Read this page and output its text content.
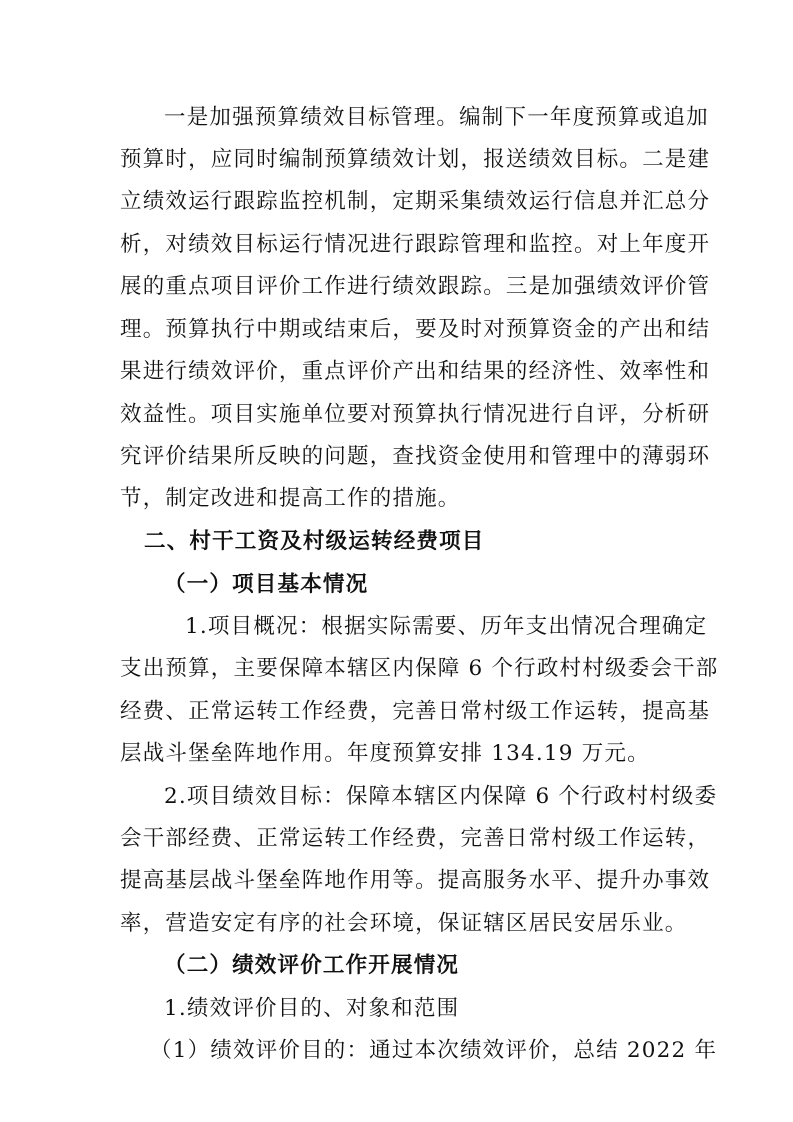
一是加强预算绩效目标管理。编制下一年度预算或追加
预算时，应同时编制预算绩效计划，报送绩效目标。二是建
立绩效运行跟踪监控机制，定期采集绩效运行信息并汇总分
析，对绩效目标运行情况进行跟踪管理和监控。对上年度开
展的重点项目评价工作进行绩效跟踪。三是加强绩效评价管
理。预算执行中期或结束后，要及时对预算资金的产出和结
果进行绩效评价，重点评价产出和结果的经济性、效率性和
效益性。项目实施单位要对预算执行情况进行自评，分析研
究评价结果所反映的问题，查找资金使用和管理中的薄弱环
节，制定改进和提高工作的措施。
二、村干工资及村级运转经费项目
（一）项目基本情况
1.项目概况：根据实际需要、历年支出情况合理确定
支出预算，主要保障本辖区内保障 6 个行政村村级委会干部
经费、正常运转工作经费，完善日常村级工作运转，提高基
层战斗堡垒阵地作用。年度预算安排 134.19 万元。
2.项目绩效目标：保障本辖区内保障 6 个行政村村级委
会干部经费、正常运转工作经费，完善日常村级工作运转，
提高基层战斗堡垒阵地作用等。提高服务水平、提升办事效
率，营造安定有序的社会环境，保证辖区居民安居乐业。
（二）绩效评价工作开展情况
1.绩效评价目的、对象和范围
（1）绩效评价目的：通过本次绩效评价，总结 2022 年
